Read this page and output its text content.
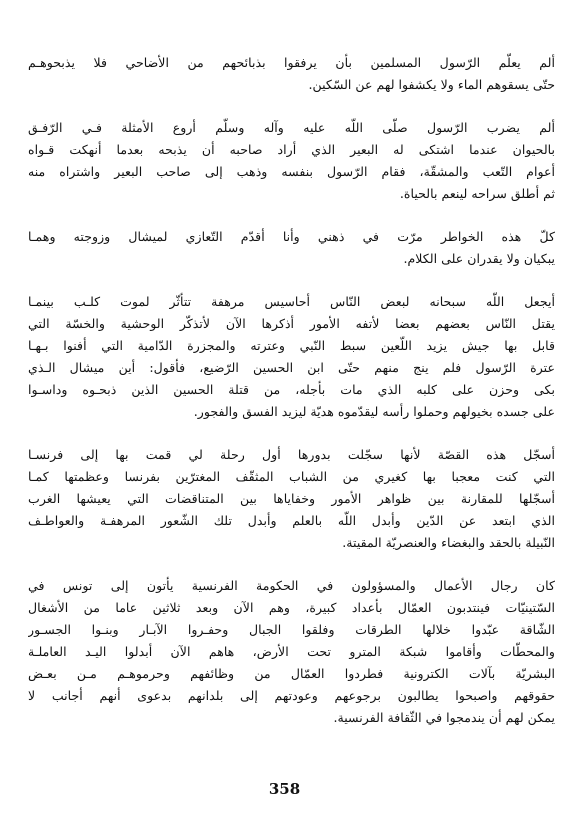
ألم يعلّم الرّسول المسلمين بأن يرفقوا بذبائحهم من الأضاحي فلا يذبحوهـم
حتّى يسقوهم الماء ولا يكشفوا لهم عن السّكين.

ألم يضرب الرّسول صلّى اللّه عليه وآله وسلّم أروع الأمثلة فـي الرّفـق
بالحيوان عندما اشتكى له البعير الذي أراد صاحبه أن يذبحه بعدما أنهكت قـواه
أعوام التّعب والمشقّة، فقام الرّسول بنفسه وذهب إلى صاحب البعير واشتراه منه
ثم أطلق سراحه لينعم بالحياة.

كلّ هذه الخواطر مرّت في ذهني وأنا أقدّم التّعازي لميشال وزوجته وهمـا
يبكيان ولا يقدران على الكلام.

أيجعل اللّه سبحانه لبعض النّاس أحاسيس مرهفة تتأثّر لموت كلـب بينمـا
يقتل النّاس بعضهم بعضا لأتفه الأمور أذكرها الآن لأتذكّر الوحشية والخسّة التي
قابل بها جيش يزيد اللّعين سبط النّبي وعترته والمجزرة الدّامية التي أفنوا بـهـا
عترة الرّسول فلم ينج منهم حتّى ابن الحسين الرّضيع، فأقول: أين ميشال الـذي
بكى وحزن على كلبه الذي مات بأجله، من قتلة الحسين الذين ذبحـوه وداسـوا
على جسده بخيولهم وحملوا رأسه ليقدّموه هديّة ليزيد الفسق والفجور.

أسجّل هذه القصّة لأنها سجّلت بدورها أول رحلة لي قمت بها إلى فرنسـا
التي كنت معجبا بها كغيري من الشباب المثقّف المغترّين بفرنسا وعظمتها كمـا
أسجّلها للمقارنة بين ظواهر الأمور وخفاياها بين المتناقضات التي يعيشها الغرب
الذي ابتعد عن الدّين وأبدل اللّه بالعلم وأبدل تلك الشّعور المرهفـة والعواطـف
النّبيلة بالحقد والبغضاء والعنصريّة المقيتة.

كان رجال الأعمال والمسؤولون في الحكومة الفرنسية يأتون إلى تونس في
السّتينيّات فينتدبون العمّال بأعداد كبيرة، وهم الآن وبعد ثلاثين عاما من الأشغال
الشّاقة عبّدوا خلالها الطرقات وفلقوا الجبال وحفـروا الآبـار وبنـوا الجسـور
والمحطّات وأقاموا شبكة المترو تحت الأرض، هاهم الآن أبدلوا اليـد العاملـة
البشريّة بآلات الكترونية فطردوا العمّال من وظائفهم وحرموهـم مـن بعـض
حقوقهم واصبحوا يطالبون برجوعهم وعودتهم إلى بلدانهم بدعوى أنهم أجانب لا
يمكن لهم أن يندمجوا في الثّقافة الفرنسية.

358
